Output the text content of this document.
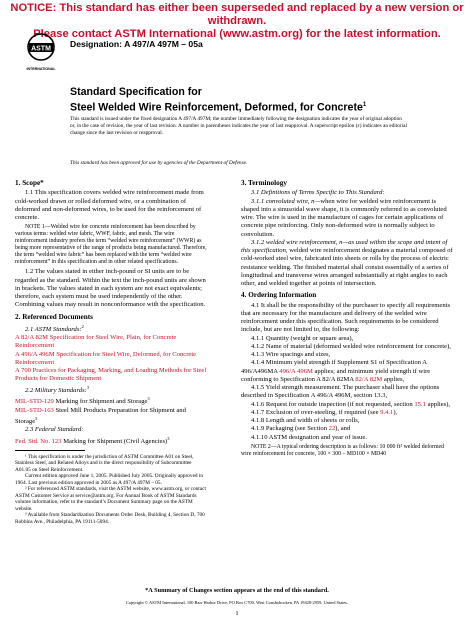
NOTICE: This standard has either been superseded and replaced by a new version or withdrawn.
Please contact ASTM International (www.astm.org) for the latest information.
ASTM
INTERNATIONAL
Designation: A 497/A 497M – 05a
Standard Specification for
Steel Welded Wire Reinforcement, Deformed, for Concrete$^1$
This standard is issued under the fixed designation A 497/A 497M; the number immediately following the designation indicates the year of original adoption or, in the case of revision, the year of last revision. A number in parentheses indicates the year of last reapproval. A superscript epsilon (ε) indicates an editorial change since the last revision or reapproval.
This standard has been approved for use by agencies of the Department of Defense.

1. Scope*

1.1 This specification covers welded wire reinforcement made from cold-worked drawn or rolled deformed wire, or a combination of deformed and non-deformed wires, to be used for the reinforcement of concrete.

NOTE 1—Welded wire for concrete reinforcement has been described by various terms: welded wire fabric, WWF, fabric, and mesh. The wire reinforcement industry prefers the term “welded wire reinforcement” (WWR) as being more representative of the range of products being manufactured. Therefore, the term “welded wire fabric” has been replaced with the term “welded wire reinforcement” in this specification and in other related specifications.

1.2 The values stated in either inch-pound or SI units are to be regarded as the standard. Within the text the inch-pound units are shown in brackets. The values stated in each system are not exact equivalents; therefore, each system must be used independently of the other. Combining values may result in nonconformance with the specification.

2. Referenced Documents

2.1 ASTM Standards:$^2$

A 82/A 82M Specification for Steel Wire, Plain, for Concrete Reinforcement

A 496/A 496M Specification for Steel Wire, Deformed, for Concrete Reinforcement

A 700 Practices for Packaging, Marking, and Loading Methods for Steel Products for Domestic Shipment

2.2 Military Standards:$^3$

MIL-STD-129 Marking for Shipment and Storage$^3$

MIL-STD-163 Steel Mill Products Preparation for Shipment and Storage$^3$

2.3 Federal Standard:

Fed. Std. No. 123 Marking for Shipment (Civil Agencies)$^3$

¹ This specification is under the jurisdiction of ASTM Committee A01 on Steel, Stainless Steel, and Related Alloys and is the direct responsibility of Subcommittee A01.05 on Steel Reinforcement.

Current edition approved June 1, 2005. Published July 2005. Originally approved in 1964. Last previous edition approved in 2005 as A 497/A 497M – 05.

² For referenced ASTM standards, visit the ASTM website, www.astm.org, or contact ASTM Customer Service at service@astm.org. For Annual Book of ASTM Standards volume information, refer to the standard’s Document Summary page on the ASTM website.

³ Available from Standardization Documents Order Desk, Building 4, Section D, 700 Robbins Ave., Philadelphia, PA 19111-5094.

3. Terminology

3.1 Definitions of Terms Specific to This Standard:

3.1.1 convoluted wire, n—when wire for welded wire reinforcement is shaped into a sinusoidal wave shape, it is commonly referred to as convoluted wire. The wire is used in the manufacture of cages for certain applications of concrete pipe reinforcing. Only non-deformed wire is normally subject to convolution.

3.1.2 welded wire reinforcement, n—as used within the scope and intent of this specification, welded wire reinforcement designates a material composed of cold-worked steel wire, fabricated into sheets or rolls by the process of electric resistance welding. The finished material shall consist essentially of a series of longitudinal and transverse wires arranged substantially at right angles to each other, and welded together at points of intersection.

4. Ordering Information

4.1 It shall be the responsibility of the purchaser to specify all requirements that are necessary for the manufacture and delivery of the welded wire reinforcement under this specification. Such requirements to be considered include, but are not limited to, the following:

4.1.1 Quantity (weight or square area),

4.1.2 Name of material (deformed welded wire reinforcement for concrete),

4.1.3 Wire spacings and sizes,

4.1.4 Minimum yield strength if Supplement S1 of Specification A 496/A496MA 496/A 496M applies; and minimum yield strength if wire conforming to Specification A 82/A 82MA 82/A 82M applies,

4.1.5 Yield strength measurement. The purchaser shall have the options described in Specification A 496/A 496M, section 13.3,

4.1.6 Request for outside inspection (if not requested, section 15.1 applies),

4.1.7 Exclusion of over-steeling, if required (see 9.4.1),

4.1.8 Length and width of sheets or rolls,

4.1.9 Packaging (see Section 22), and

4.1.10 ASTM designation and year of issue.

NOTE 2—A typical ordering description is as follows: 10 000 ft² welded deformed wire reinforcement for concrete, 100 × 300 – MD100 × MD40

*A Summary of Changes section appears at the end of this standard.
Copyright © ASTM International, 100 Barr Harbor Drive, PO Box C700, West Conshohocken, PA 19428-2959, United States.
1
